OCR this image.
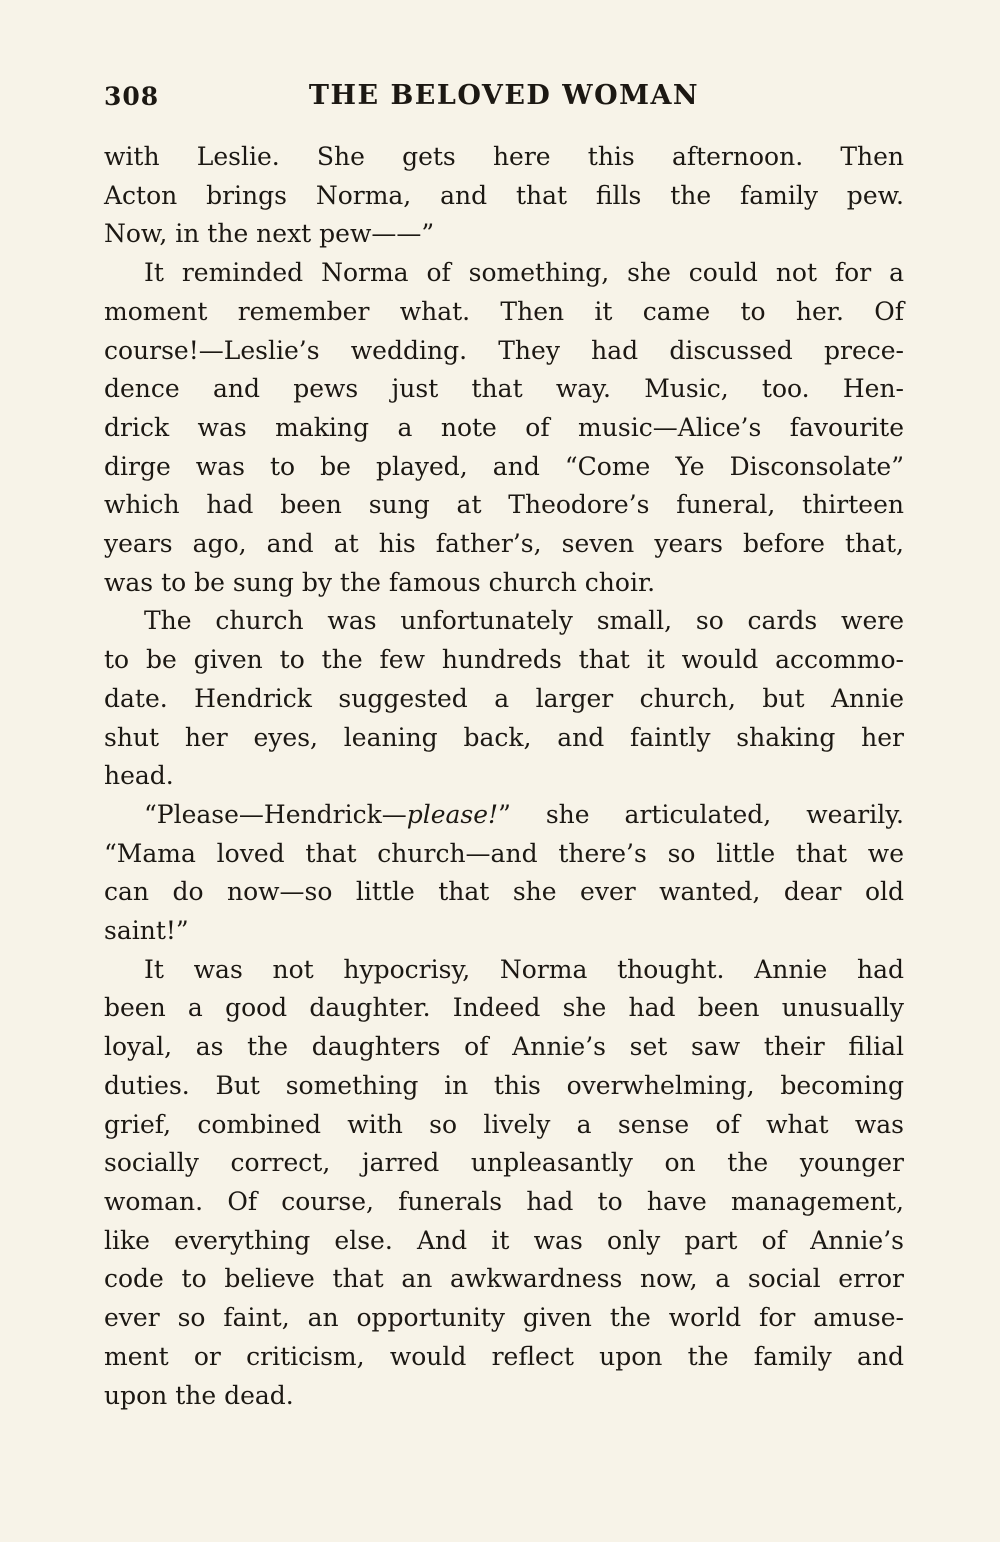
308	THE BELOVED WOMAN

with Leslie. She gets here this afternoon. Then
Acton brings Norma, and that fills the family pew.
Now, in the next pew——”

It reminded Norma of something, she could not for a
moment remember what. Then it came to her. Of
course!—Leslie’s wedding. They had discussed prece-
dence and pews just that way. Music, too. Hen-
drick was making a note of music—Alice’s favourite
dirge was to be played, and “Come Ye Disconsolate”
which had been sung at Theodore’s funeral, thirteen
years ago, and at his father’s, seven years before that,
was to be sung by the famous church choir.

The church was unfortunately small, so cards were
to be given to the few hundreds that it would accommo-
date. Hendrick suggested a larger church, but Annie
shut her eyes, leaning back, and faintly shaking her
head.

“Please—Hendrick—please!” she articulated, wearily.
“Mama loved that church—and there’s so little that we
can do now—so little that she ever wanted, dear old
saint!”

It was not hypocrisy, Norma thought. Annie had
been a good daughter. Indeed she had been unusually
loyal, as the daughters of Annie’s set saw their filial
duties. But something in this overwhelming, becoming
grief, combined with so lively a sense of what was
socially correct, jarred unpleasantly on the younger
woman. Of course, funerals had to have management,
like everything else. And it was only part of Annie’s
code to believe that an awkwardness now, a social error
ever so faint, an opportunity given the world for amuse-
ment or criticism, would reflect upon the family and
upon the dead.
